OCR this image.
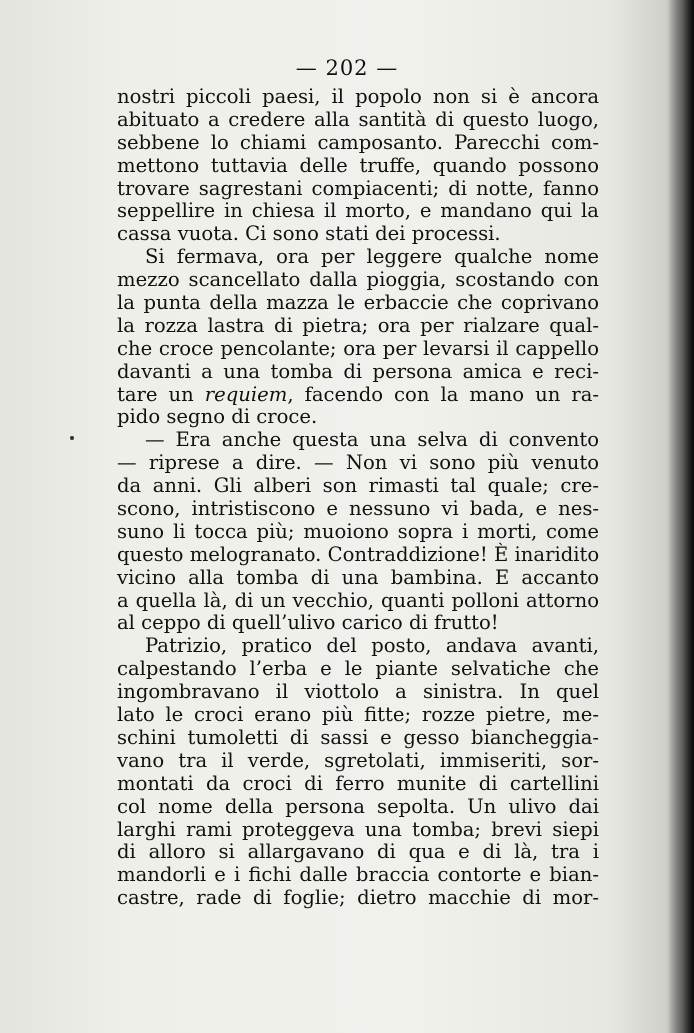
— 202 —
nostri piccoli paesi, il popolo non si è ancora
abituato a credere alla santità di questo luogo,
sebbene lo chiami camposanto. Parecchi com-
mettono tuttavia delle truffe, quando possono
trovare sagrestani compiacenti; di notte, fanno
seppellire in chiesa il morto, e mandano qui la
cassa vuota. Ci sono stati dei processi.
Si fermava, ora per leggere qualche nome
mezzo scancellato dalla pioggia, scostando con
la punta della mazza le erbaccie che coprivano
la rozza lastra di pietra; ora per rialzare qual-
che croce pencolante; ora per levarsi il cappello
davanti a una tomba di persona amica e reci-
tare un requiem, facendo con la mano un ra-
pido segno di croce.
— Era anche questa una selva di convento
— riprese a dire. — Non vi sono più venuto
da anni. Gli alberi son rimasti tal quale; cre-
scono, intristiscono e nessuno vi bada, e nes-
suno li tocca più; muoiono sopra i morti, come
questo melogranato. Contraddizione! È inaridito
vicino alla tomba di una bambina. E accanto
a quella là, di un vecchio, quanti polloni attorno
al ceppo di quell’ulivo carico di frutto!
Patrizio, pratico del posto, andava avanti,
calpestando l’erba e le piante selvatiche che
ingombravano il viottolo a sinistra. In quel
lato le croci erano più fitte; rozze pietre, me-
schini tumoletti di sassi e gesso biancheggia-
vano tra il verde, sgretolati, immiseriti, sor-
montati da croci di ferro munite di cartellini
col nome della persona sepolta. Un ulivo dai
larghi rami proteggeva una tomba; brevi siepi
di alloro si allargavano di qua e di là, tra i
mandorli e i fichi dalle braccia contorte e bian-
castre, rade di foglie; dietro macchie di mor-
